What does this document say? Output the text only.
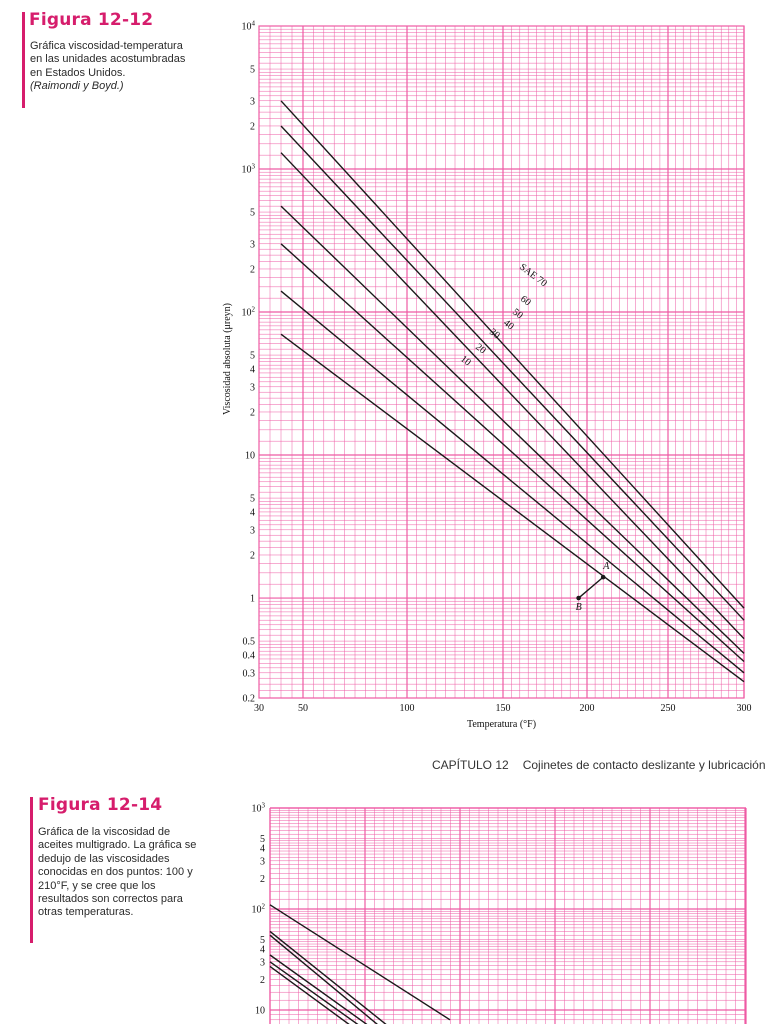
Figura 12-12

Gráfica viscosidad-temperatura en las unidades acostumbradas en Estados Unidos.
(Raimondi y Boyd.)

CAPÍTULO 12 Cojinetes de contacto deslizante y lubricación
Figura 12-14

Gráfica de la viscosidad de aceites multigrado. La gráfica se dedujo de las viscosidades conocidas en dos puntos: 100 y 210°F, y se cree que los resultados son correctos para otras temperaturas.

$10^4$
5
3
2
$10^3$
5
3
2
$10^2$
5
4
3
2
10
5
4
3
2
1
0.5
0.4
0.3
0.2
30	50	100	150	200	250	300
Temperatura (°F)
Viscosidad absoluta (μreyn)
SAE 70
60
50
40
30
20
10
A
B
$10^3$
5
4
3
2
$10^2$
5
4
3
2
10
